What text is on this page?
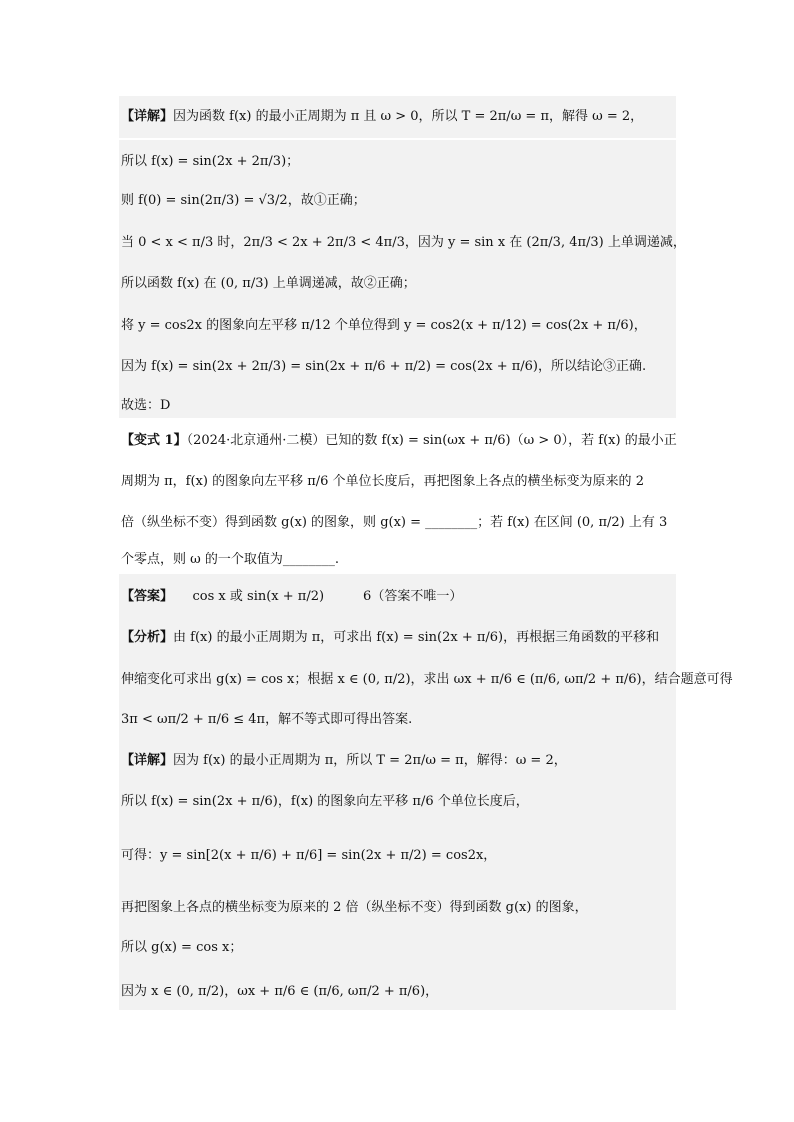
【详解】因为函数 f(x) 的最小正周期为 π 且 ω > 0，所以 T = 2π/ω = π，解得 ω = 2，
所以 f(x) = sin(2x + 2π/3)；
则 f(0) = sin(2π/3) = √3/2，故①正确；
当 0 < x < π/3 时，2π/3 < 2x + 2π/3 < 4π/3，因为 y = sin x 在 (2π/3, 4π/3) 上单调递减，
所以函数 f(x) 在 (0, π/3) 上单调递减，故②正确；
将 y = cos2x 的图象向左平移 π/12 个单位得到 y = cos2(x + π/12) = cos(2x + π/6)，
因为 f(x) = sin(2x + 2π/3) = sin(2x + π/6 + π/2) = cos(2x + π/6)，所以结论③正确.
故选：D
【变式 1】（2024·北京通州·二模）已知的数 f(x) = sin(ωx + π/6)（ω > 0），若 f(x) 的最小正
周期为 π，f(x) 的图象向左平移 π/6 个单位长度后，再把图象上各点的横坐标变为原来的 2
倍（纵坐标不变）得到函数 g(x) 的图象，则 g(x) = ________；若 f(x) 在区间 (0, π/2) 上有 3
个零点，则 ω 的一个取值为________.
【答案】　　cos x 或 sin(x + π/2)　　　6（答案不唯一）
【分析】由 f(x) 的最小正周期为 π，可求出 f(x) = sin(2x + π/6)，再根据三角函数的平移和
伸缩变化可求出 g(x) = cos x；根据 x ∈ (0, π/2)，求出 ωx + π/6 ∈ (π/6, ωπ/2 + π/6)，结合题意可得
3π < ωπ/2 + π/6 ≤ 4π，解不等式即可得出答案.
【详解】因为 f(x) 的最小正周期为 π，所以 T = 2π/ω = π，解得：ω = 2，
所以 f(x) = sin(2x + π/6)，f(x) 的图象向左平移 π/6 个单位长度后，
可得：y = sin[2(x + π/6) + π/6] = sin(2x + π/2) = cos2x，
再把图象上各点的横坐标变为原来的 2 倍（纵坐标不变）得到函数 g(x) 的图象，
所以 g(x) = cos x；
因为 x ∈ (0, π/2)，ωx + π/6 ∈ (π/6, ωπ/2 + π/6)，
